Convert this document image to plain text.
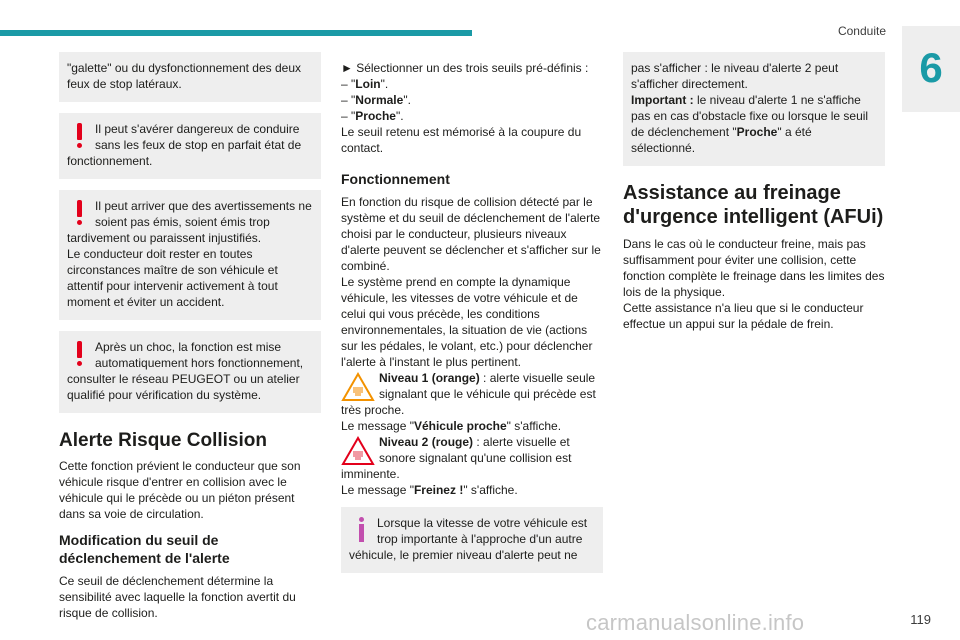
Conduite
6

"galette" ou du dysfonctionnement des deux feux de stop latéraux.

Il peut s'avérer dangereux de conduire sans les feux de stop en parfait état de fonctionnement.

Il peut arriver que des avertissements ne soient pas émis, soient émis trop tardivement ou paraissent injustifiés.

Le conducteur doit rester en toutes circonstances maître de son véhicule et attentif pour intervenir activement à tout moment et éviter un accident.

Après un choc, la fonction est mise automatiquement hors fonctionnement, consulter le réseau PEUGEOT ou un atelier qualifié pour vérification du système.

Alerte Risque Collision

Cette fonction prévient le conducteur que son véhicule risque d'entrer en collision avec le véhicule qui le précède ou un piéton présent dans sa voie de circulation.

Modification du seuil de déclenchement de l'alerte

Ce seuil de déclenchement détermine la sensibilité avec laquelle la fonction avertit du risque de collision.

► Sélectionner un des trois seuils pré-définis :

– "Loin".

– "Normale".

– "Proche".

Le seuil retenu est mémorisé à la coupure du contact.

Fonctionnement

En fonction du risque de collision détecté par le système et du seuil de déclenchement de l'alerte choisi par le conducteur, plusieurs niveaux d'alerte peuvent se déclencher et s'afficher sur le combiné.

Le système prend en compte la dynamique véhicule, les vitesses de votre véhicule et de celui qui vous précède, les conditions environnementales, la situation de vie (actions sur les pédales, le volant, etc.) pour déclencher l'alerte à l'instant le plus pertinent.

Niveau 1 (orange) : alerte visuelle seule signalant que le véhicule qui précède est très proche.

Le message "Véhicule proche" s'affiche.

Niveau 2 (rouge) : alerte visuelle et sonore signalant qu'une collision est imminente.

Le message "Freinez !" s'affiche.

Lorsque la vitesse de votre véhicule est trop importante à l'approche d'un autre véhicule, le premier niveau d'alerte peut ne

pas s'afficher : le niveau d'alerte 2 peut s'afficher directement.

Important : le niveau d'alerte 1 ne s'affiche pas en cas d'obstacle fixe ou lorsque le seuil de déclenchement "Proche" a été sélectionné.

Assistance au freinage d'urgence intelligent (AFUi)

Dans le cas où le conducteur freine, mais pas suffisamment pour éviter une collision, cette fonction complète le freinage dans les limites des lois de la physique.

Cette assistance n'a lieu que si le conducteur effectue un appui sur la pédale de frein.

carmanualsonline.info	119
